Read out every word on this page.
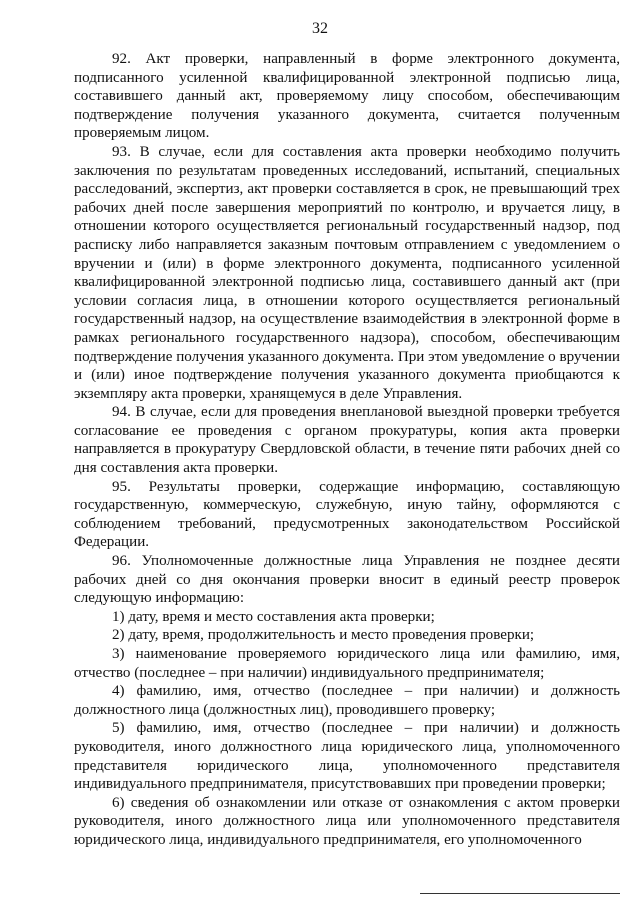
32

92. Акт проверки, направленный в форме электронного документа, подписанного усиленной квалифицированной электронной подписью лица, составившего данный акт, проверяемому лицу способом, обеспечивающим подтверждение получения указанного документа, считается полученным проверяемым лицом.

93. В случае, если для составления акта проверки необходимо получить заключения по результатам проведенных исследований, испытаний, специальных расследований, экспертиз, акт проверки составляется в срок, не превышающий трех рабочих дней после завершения мероприятий по контролю, и вручается лицу, в отношении которого осуществляется региональный государственный надзор, под расписку либо направляется заказным почтовым отправлением с уведомлением о вручении и (или) в форме электронного документа, подписанного усиленной квалифицированной электронной подписью лица, составившего данный акт (при условии согласия лица, в отношении которого осуществляется региональный государственный надзор, на осуществление взаимодействия в электронной форме в рамках регионального государственного надзора), способом, обеспечивающим подтверждение получения указанного документа. При этом уведомление о вручении и (или) иное подтверждение получения указанного документа приобщаются к экземпляру акта проверки, хранящемуся в деле Управления.

94. В случае, если для проведения внеплановой выездной проверки требуется согласование ее проведения с органом прокуратуры, копия акта проверки направляется в прокуратуру Свердловской области, в течение пяти рабочих дней со дня составления акта проверки.

95. Результаты проверки, содержащие информацию, составляющую государственную, коммерческую, служебную, иную тайну, оформляются с соблюдением требований, предусмотренных законодательством Российской Федерации.

96. Уполномоченные должностные лица Управления не позднее десяти рабочих дней со дня окончания проверки вносит в единый реестр проверок следующую информацию:

1) дату, время и место составления акта проверки;

2) дату, время, продолжительность и место проведения проверки;

3) наименование проверяемого юридического лица или фамилию, имя, отчество (последнее – при наличии) индивидуального предпринимателя;

4) фамилию, имя, отчество (последнее – при наличии) и должность должностного лица (должностных лиц), проводившего проверку;

5) фамилию, имя, отчество (последнее – при наличии) и должность руководителя, иного должностного лица юридического лица, уполномоченного представителя юридического лица, уполномоченного представителя индивидуального предпринимателя, присутствовавших при проведении проверки;

6) сведения об ознакомлении или отказе от ознакомления с актом проверки руководителя, иного должностного лица или уполномоченного представителя юридического лица, индивидуального предпринимателя, его уполномоченного
